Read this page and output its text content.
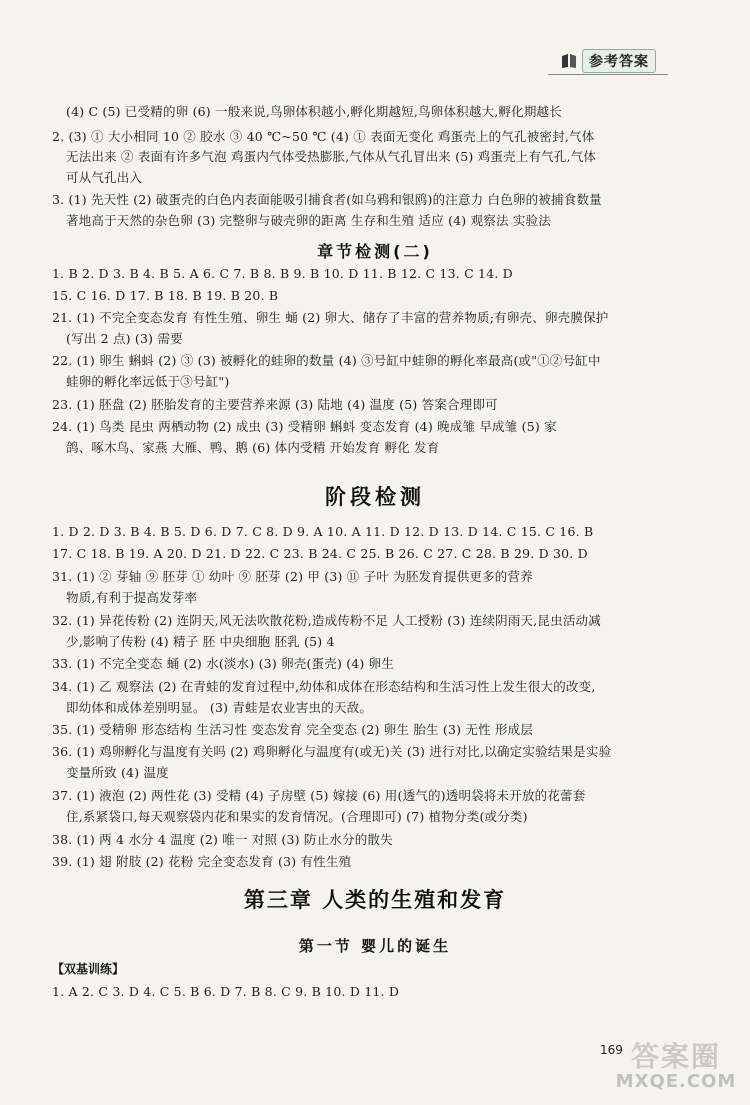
参考答案
(4) C (5) 已受精的卵 (6) 一般来说,鸟卵体积越小,孵化期越短,鸟卵体积越大,孵化期越长
2. (3) ① 大小相同 10 ② 胶水 ③ 40 ℃~50 ℃ (4) ① 表面无变化 鸡蛋壳上的气孔被密封,气体
无法出来 ② 表面有许多气泡 鸡蛋内气体受热膨胀,气体从气孔冒出来 (5) 鸡蛋壳上有气孔,气体
可从气孔出入
3. (1) 先天性 (2) 破蛋壳的白色内表面能吸引捕食者(如乌鸦和银鸥)的注意力 白色卵的被捕食数量
著地高于天然的杂色卵 (3) 完整卵与破壳卵的距离 生存和生殖 适应 (4) 观察法 实验法
章节检测(二)
1. B 2. D 3. B 4. B 5. A 6. C 7. B 8. B 9. B 10. D 11. B 12. C 13. C 14. D
15. C 16. D 17. B 18. B 19. B 20. B
21. (1) 不完全变态发育 有性生殖、卵生 蛹 (2) 卵大、储存了丰富的营养物质;有卵壳、卵壳膜保护
(写出 2 点) (3) 需要
22. (1) 卵生 蝌蚪 (2) ③ (3) 被孵化的蛙卵的数量 (4) ③号缸中蛙卵的孵化率最高(或"①②号缸中
蛙卵的孵化率远低于③号缸")
23. (1) 胚盘 (2) 胚胎发育的主要营养来源 (3) 陆地 (4) 温度 (5) 答案合理即可
24. (1) 鸟类 昆虫 两栖动物 (2) 成虫 (3) 受精卵 蝌蚪 变态发育 (4) 晚成雏 早成雏 (5) 家
鸽、啄木鸟、家燕 大雁、鸭、鹅 (6) 体内受精 开始发育 孵化 发育
阶段检测
1. D 2. D 3. B 4. B 5. D 6. D 7. C 8. D 9. A 10. A 11. D 12. D 13. D 14. C 15. C 16. B
17. C 18. B 19. A 20. D 21. D 22. C 23. B 24. C 25. B 26. C 27. C 28. B 29. D 30. D
31. (1) ② 芽轴 ⑨ 胚芽 ① 幼叶 ⑨ 胚芽 (2) 甲 (3) ⑪ 子叶 为胚发育提供更多的营养
物质,有利于提高发芽率
32. (1) 异花传粉 (2) 连阴天,风无法吹散花粉,造成传粉不足 人工授粉 (3) 连续阴雨天,昆虫活动减
少,影响了传粉 (4) 精子 胚 中央细胞 胚乳 (5) 4
33. (1) 不完全变态 蛹 (2) 水(淡水) (3) 卵壳(蛋壳) (4) 卵生
34. (1) 乙 观察法 (2) 在青蛙的发育过程中,幼体和成体在形态结构和生活习性上发生很大的改变,
即幼体和成体差别明显。 (3) 青蛙是农业害虫的天敌。
35. (1) 受精卵 形态结构 生活习性 变态发育 完全变态 (2) 卵生 胎生 (3) 无性 形成层
36. (1) 鸡卵孵化与温度有关吗 (2) 鸡卵孵化与温度有(或无)关 (3) 进行对比,以确定实验结果是实验
变量所致 (4) 温度
37. (1) 液泡 (2) 两性花 (3) 受精 (4) 子房壁 (5) 嫁接 (6) 用(透气的)透明袋将未开放的花蕾套
住,系紧袋口,每天观察袋内花和果实的发育情况。(合理即可) (7) 植物分类(或分类)
38. (1) 两 4 水分 4 温度 (2) 唯一 对照 (3) 防止水分的散失
39. (1) 翅 附肢 (2) 花粉 完全变态发育 (3) 有性生殖
第三章 人类的生殖和发育
第一节 婴儿的诞生
【双基训练】
1. A 2. C 3. D 4. C 5. B 6. D 7. B 8. C 9. B 10. D 11. D
169 答案圈
MXQE.COM
